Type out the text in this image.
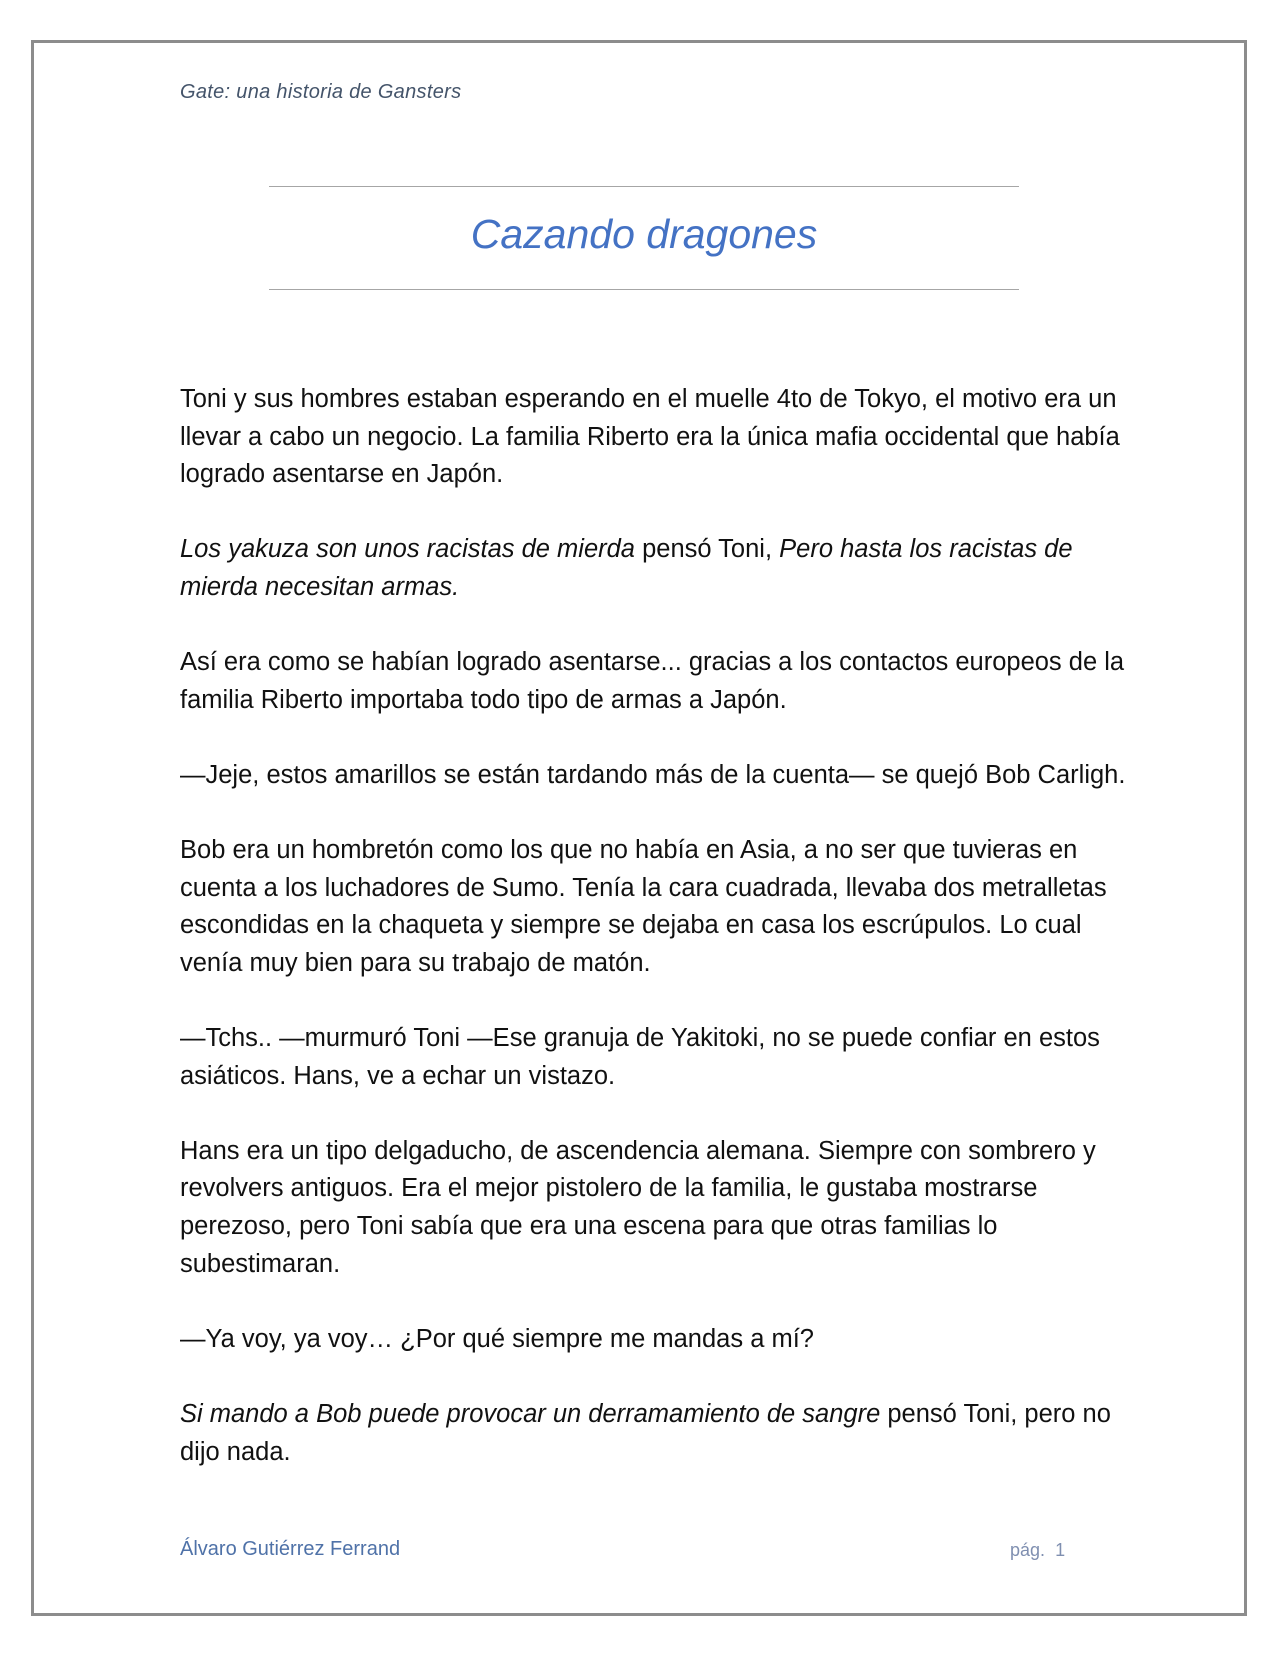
Gate: una historia de Gansters
Cazando dragones

Toni y sus hombres estaban esperando en el muelle 4to de Tokyo, el motivo era un llevar a cabo un negocio. La familia Riberto era la única mafia occidental que había logrado asentarse en Japón.

Los yakuza son unos racistas de mierda pensó Toni, Pero hasta los racistas de mierda necesitan armas.

Así era como se habían logrado asentarse... gracias a los contactos europeos de la familia Riberto importaba todo tipo de armas a Japón.

—Jeje, estos amarillos se están tardando más de la cuenta— se quejó Bob Carligh.

Bob era un hombretón como los que no había en Asia, a no ser que tuvieras en cuenta a los luchadores de Sumo. Tenía la cara cuadrada, llevaba dos metralletas escondidas en la chaqueta y siempre se dejaba en casa los escrúpulos. Lo cual venía muy bien para su trabajo de matón.

—Tchs.. —murmuró Toni —Ese granuja de Yakitoki, no se puede confiar en estos asiáticos. Hans, ve a echar un vistazo.

Hans era un tipo delgaducho, de ascendencia alemana. Siempre con sombrero y revolvers antiguos. Era el mejor pistolero de la familia, le gustaba mostrarse perezoso, pero Toni sabía que era una escena para que otras familias lo subestimaran.

—Ya voy, ya voy… ¿Por qué siempre me mandas a mí?

Si mando a Bob puede provocar un derramamiento de sangre pensó Toni, pero no dijo nada.

Álvaro Gutiérrez Ferrand	pág. 1
